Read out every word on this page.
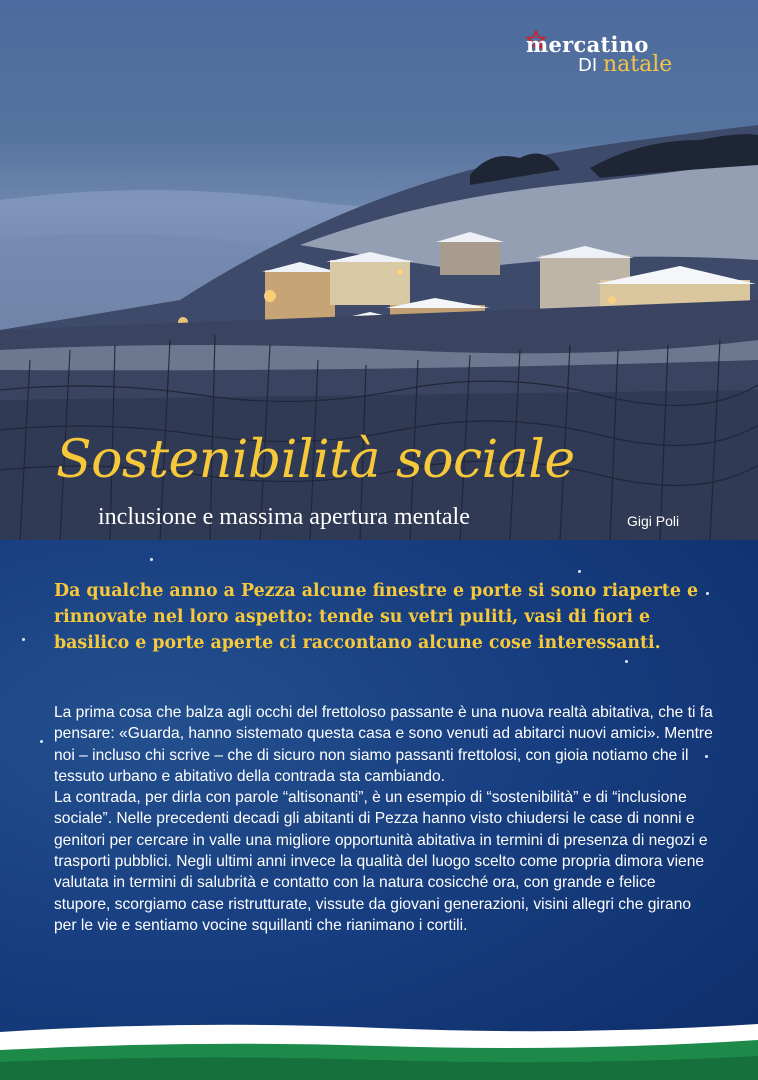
mercatino
DI natale
Sostenibilità sociale
inclusione e massima apertura mentale	Gigi Poli

Da qualche anno a Pezza alcune finestre e porte si sono riaperte e rinnovate nel loro aspetto: tende su vetri puliti, vasi di fiori e basilico e porte aperte ci raccontano alcune cose interessanti.

La prima cosa che balza agli occhi del frettoloso passante è una nuova realtà abitativa, che ti fa pensare: «Guarda, hanno sistemato questa casa e sono venuti ad abitarci nuovi amici». Mentre noi – incluso chi scrive – che di sicuro non siamo passanti frettolosi, con gioia notiamo che il tessuto urbano e abitativo della contrada sta cambiando.
La contrada, per dirla con parole “altisonanti”, è un esempio di “sostenibilità” e di “inclusione sociale”. Nelle precedenti decadi gli abitanti di Pezza hanno visto chiudersi le case di nonni e genitori per cercare in valle una migliore opportunità abitativa in termini di presenza di negozi e trasporti pubblici. Negli ultimi anni invece la qualità del luogo scelto come propria dimora viene valutata in termini di salubrità e contatto con la natura cosicché ora, con grande e felice stupore, scorgiamo case ristrutturate, vissute da giovani generazioni, visini allegri che girano per le vie e sentiamo vocine squillanti che rianimano i cortili.
